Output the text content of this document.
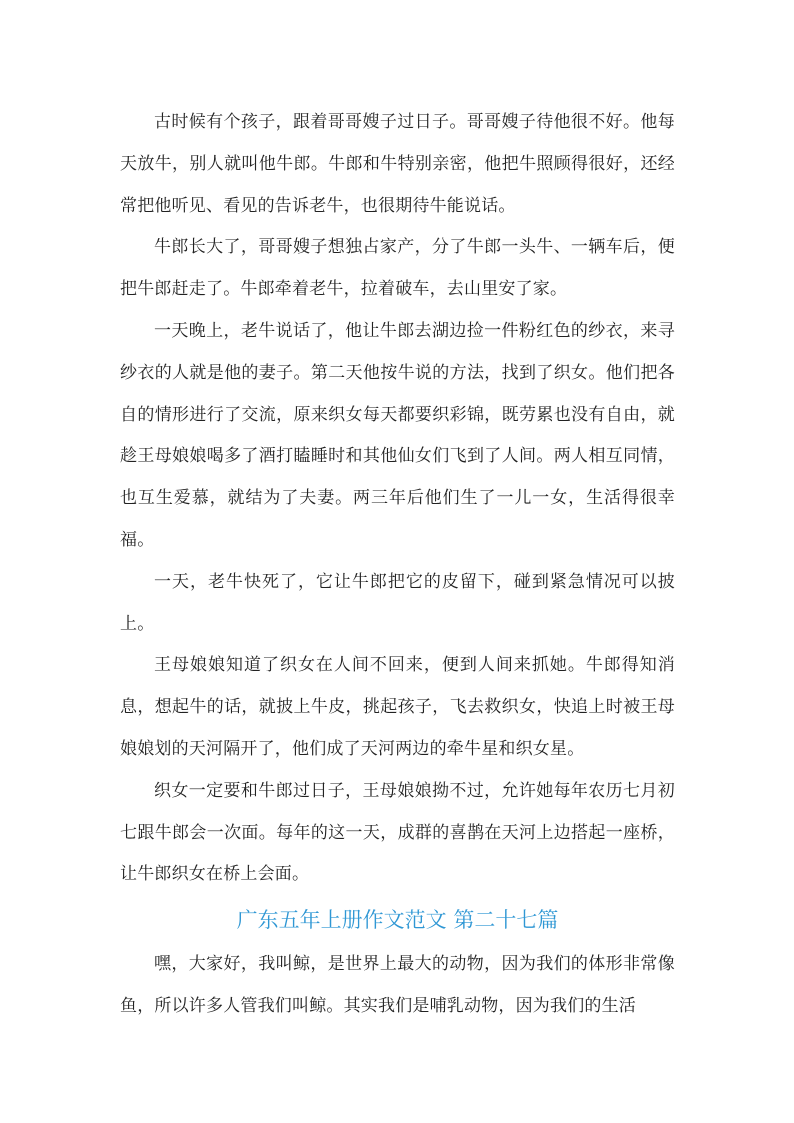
古时候有个孩子，跟着哥哥嫂子过日子。哥哥嫂子待他很不好。他每天放牛，别人就叫他牛郎。牛郎和牛特别亲密，他把牛照顾得很好，还经常把他听见、看见的告诉老牛，也很期待牛能说话。

牛郎长大了，哥哥嫂子想独占家产，分了牛郎一头牛、一辆车后，便把牛郎赶走了。牛郎牵着老牛，拉着破车，去山里安了家。

一天晚上，老牛说话了，他让牛郎去湖边捡一件粉红色的纱衣，来寻纱衣的人就是他的妻子。第二天他按牛说的方法，找到了织女。他们把各自的情形进行了交流，原来织女每天都要织彩锦，既劳累也没有自由，就趁王母娘娘喝多了酒打瞌睡时和其他仙女们飞到了人间。两人相互同情，也互生爱慕，就结为了夫妻。两三年后他们生了一儿一女，生活得很幸福。

一天，老牛快死了，它让牛郎把它的皮留下，碰到紧急情况可以披上。

王母娘娘知道了织女在人间不回来，便到人间来抓她。牛郎得知消息，想起牛的话，就披上牛皮，挑起孩子，飞去救织女，快追上时被王母娘娘划的天河隔开了，他们成了天河两边的牵牛星和织女星。

织女一定要和牛郎过日子，王母娘娘拗不过，允许她每年农历七月初七跟牛郎会一次面。每年的这一天，成群的喜鹊在天河上边搭起一座桥，让牛郎织女在桥上会面。

广东五年上册作文范文 第二十七篇

嘿，大家好，我叫鲸，是世界上最大的动物，因为我们的体形非常像鱼，所以许多人管我们叫鲸。其实我们是哺乳动物，因为我们的生活
